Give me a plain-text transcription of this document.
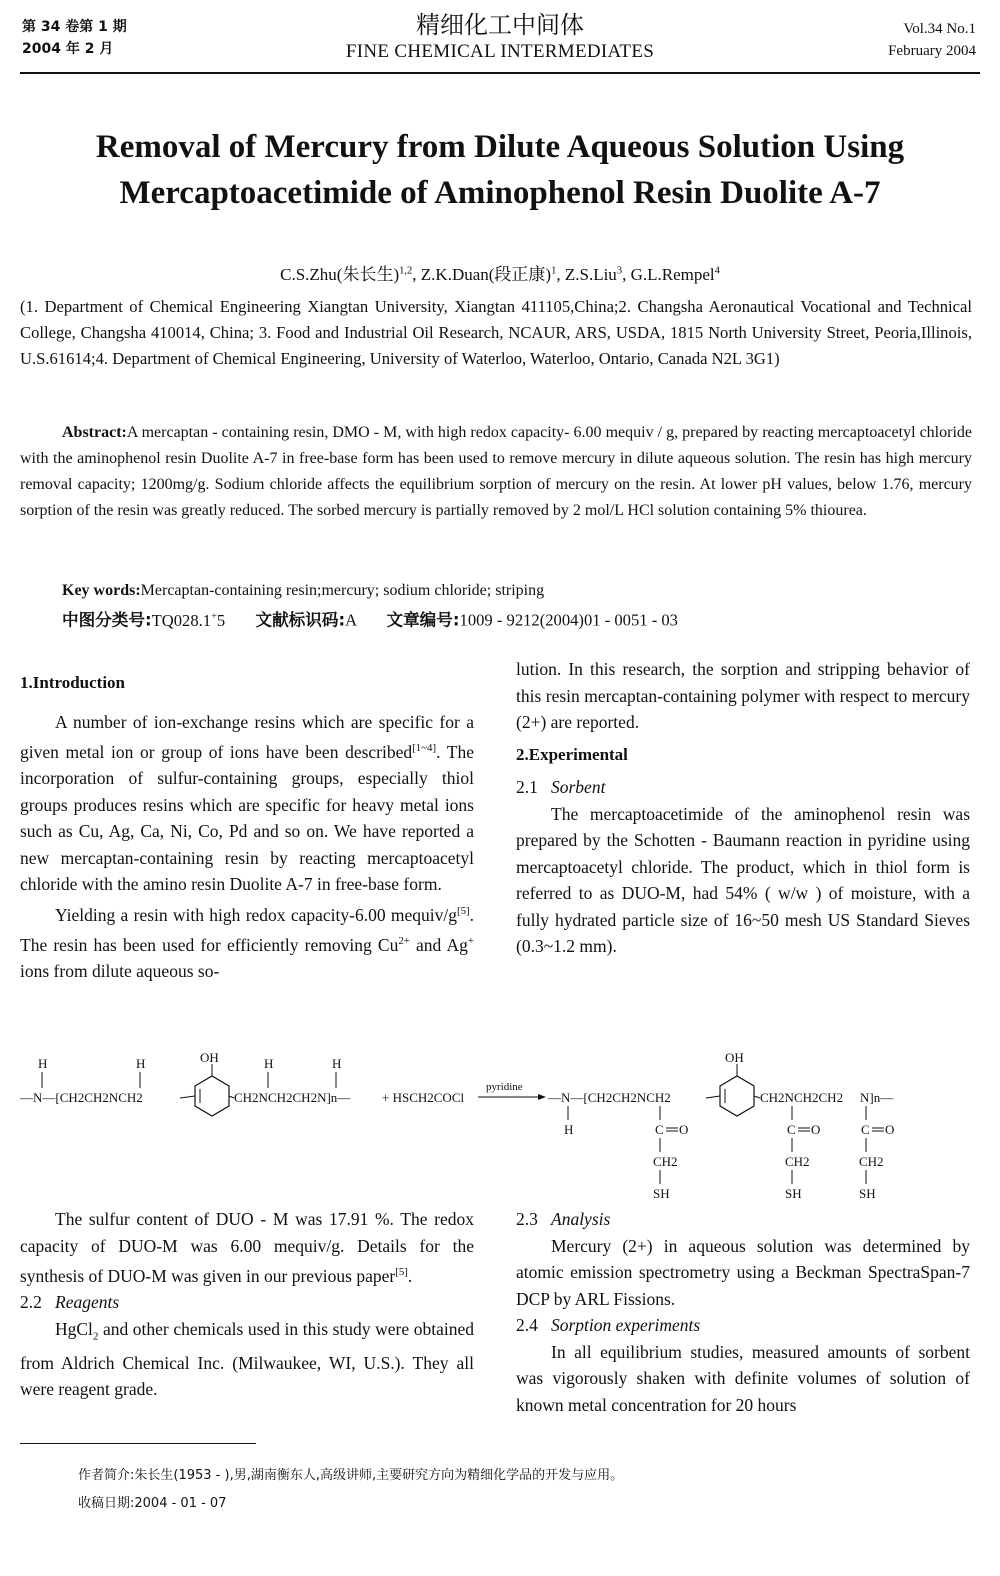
第 34 卷第 1 期
2004 年 2 月
精细化工中间体
FINE CHEMICAL INTERMEDIATES
Vol.34 No.1
February 2004
Removal of Mercury from Dilute Aqueous Solution Using
Mercaptoacetimide of Aminophenol Resin Duolite A-7
C.S.Zhu(朱长生)$^{1,2}$, Z.K.Duan(段正康)$^1$, Z.S.Liu$^3$, G.L.Rempel$^4$
(1. Department of Chemical Engineering Xiangtan University, Xiangtan 411105,China;2. Changsha Aeronautical Vocational and Technical College, Changsha 410014, China; 3. Food and Industrial Oil Research, NCAUR, ARS, USDA, 1815 North University Street, Peoria,Illinois, U.S.61614;4. Department of Chemical Engineering, University of Waterloo, Waterloo, Ontario, Canada N2L 3G1)
Abstract:A mercaptan - containing resin, DMO - M, with high redox capacity- 6.00 mequiv / g, prepared by reacting mercaptoacetyl chloride with the aminophenol resin Duolite A-7 in free-base form has been used to remove mercury in dilute aqueous solution. The resin has high mercury removal capacity; 1200mg/g. Sodium chloride affects the equilibrium sorption of mercury on the resin. At lower pH values, below 1.76, mercury sorption of the resin was greatly reduced. The sorbed mercury is partially removed by 2 mol/L HCl solution containing 5% thiourea.
Key words:Mercaptan-containing resin;mercury; sodium chloride; striping
中图分类号:TQ028.1+5 文献标识码:A 文章编号:1009 - 9212(2004)01 - 0051 - 03

1.Introduction

A number of ion-exchange resins which are specific for a given metal ion or group of ions have been described[1~4]. The incorporation of sulfur-containing groups, especially thiol groups produces resins which are specific for heavy metal ions such as Cu, Ag, Ca, Ni, Co, Pd and so on. We have reported a new mercaptan-containing resin by reacting mercaptoacetyl chloride with the amino resin Duolite A-7 in free-base form.

Yielding a resin with high redox capacity-6.00 mequiv/g[5]. The resin has been used for efficiently removing $Cu^{2+}$ and Ag+ ions from dilute aqueous so-

lution. In this research, the sorption and stripping behavior of this resin mercaptan-containing polymer with respect to mercury (2+) are reported.

2.Experimental

2.1 Sorbent

The mercaptoacetimide of the aminophenol resin was prepared by the Schotten - Baumann reaction in pyridine using mercaptoacetyl chloride. The product, which in thiol form is referred to as DUO-M, had 54% ( w/w ) of moisture, with a fully hydrated particle size of 16~50 mesh US Standard Sieves (0.3~1.2 mm).

H
—N—[CH2CH2NCH2
H	OH
CH2NCH2CH2N]n—
H	H
+ HSCH2COCl
pyridine
—N—[CH2CH2NCH2
H
OH
CH2NCH2CH2 N]n—
C O
CH2
SH
C O
CH2
SH
C O
CH2
SH

The sulfur content of DUO - M was 17.91 %. The redox capacity of DUO-M was 6.00 mequiv/g. Details for the synthesis of DUO-M was given in our previous paper[5].

2.2 Reagents

HgCl$_2$ and other chemicals used in this study were obtained from Aldrich Chemical Inc. (Milwaukee, WI, U.S.). They all were reagent grade.

2.3 Analysis

Mercury (2+) in aqueous solution was determined by atomic emission spectrometry using a Beckman SpectraSpan-7 DCP by ARL Fissions.

2.4 Sorption experiments

In all equilibrium studies, measured amounts of sorbent was vigorously shaken with definite volumes of solution of known metal concentration for 20 hours

作者简介:朱长生(1953 - ),男,湖南衡东人,高级讲师,主要研究方向为精细化学品的开发与应用。
收稿日期:2004 - 01 - 07
